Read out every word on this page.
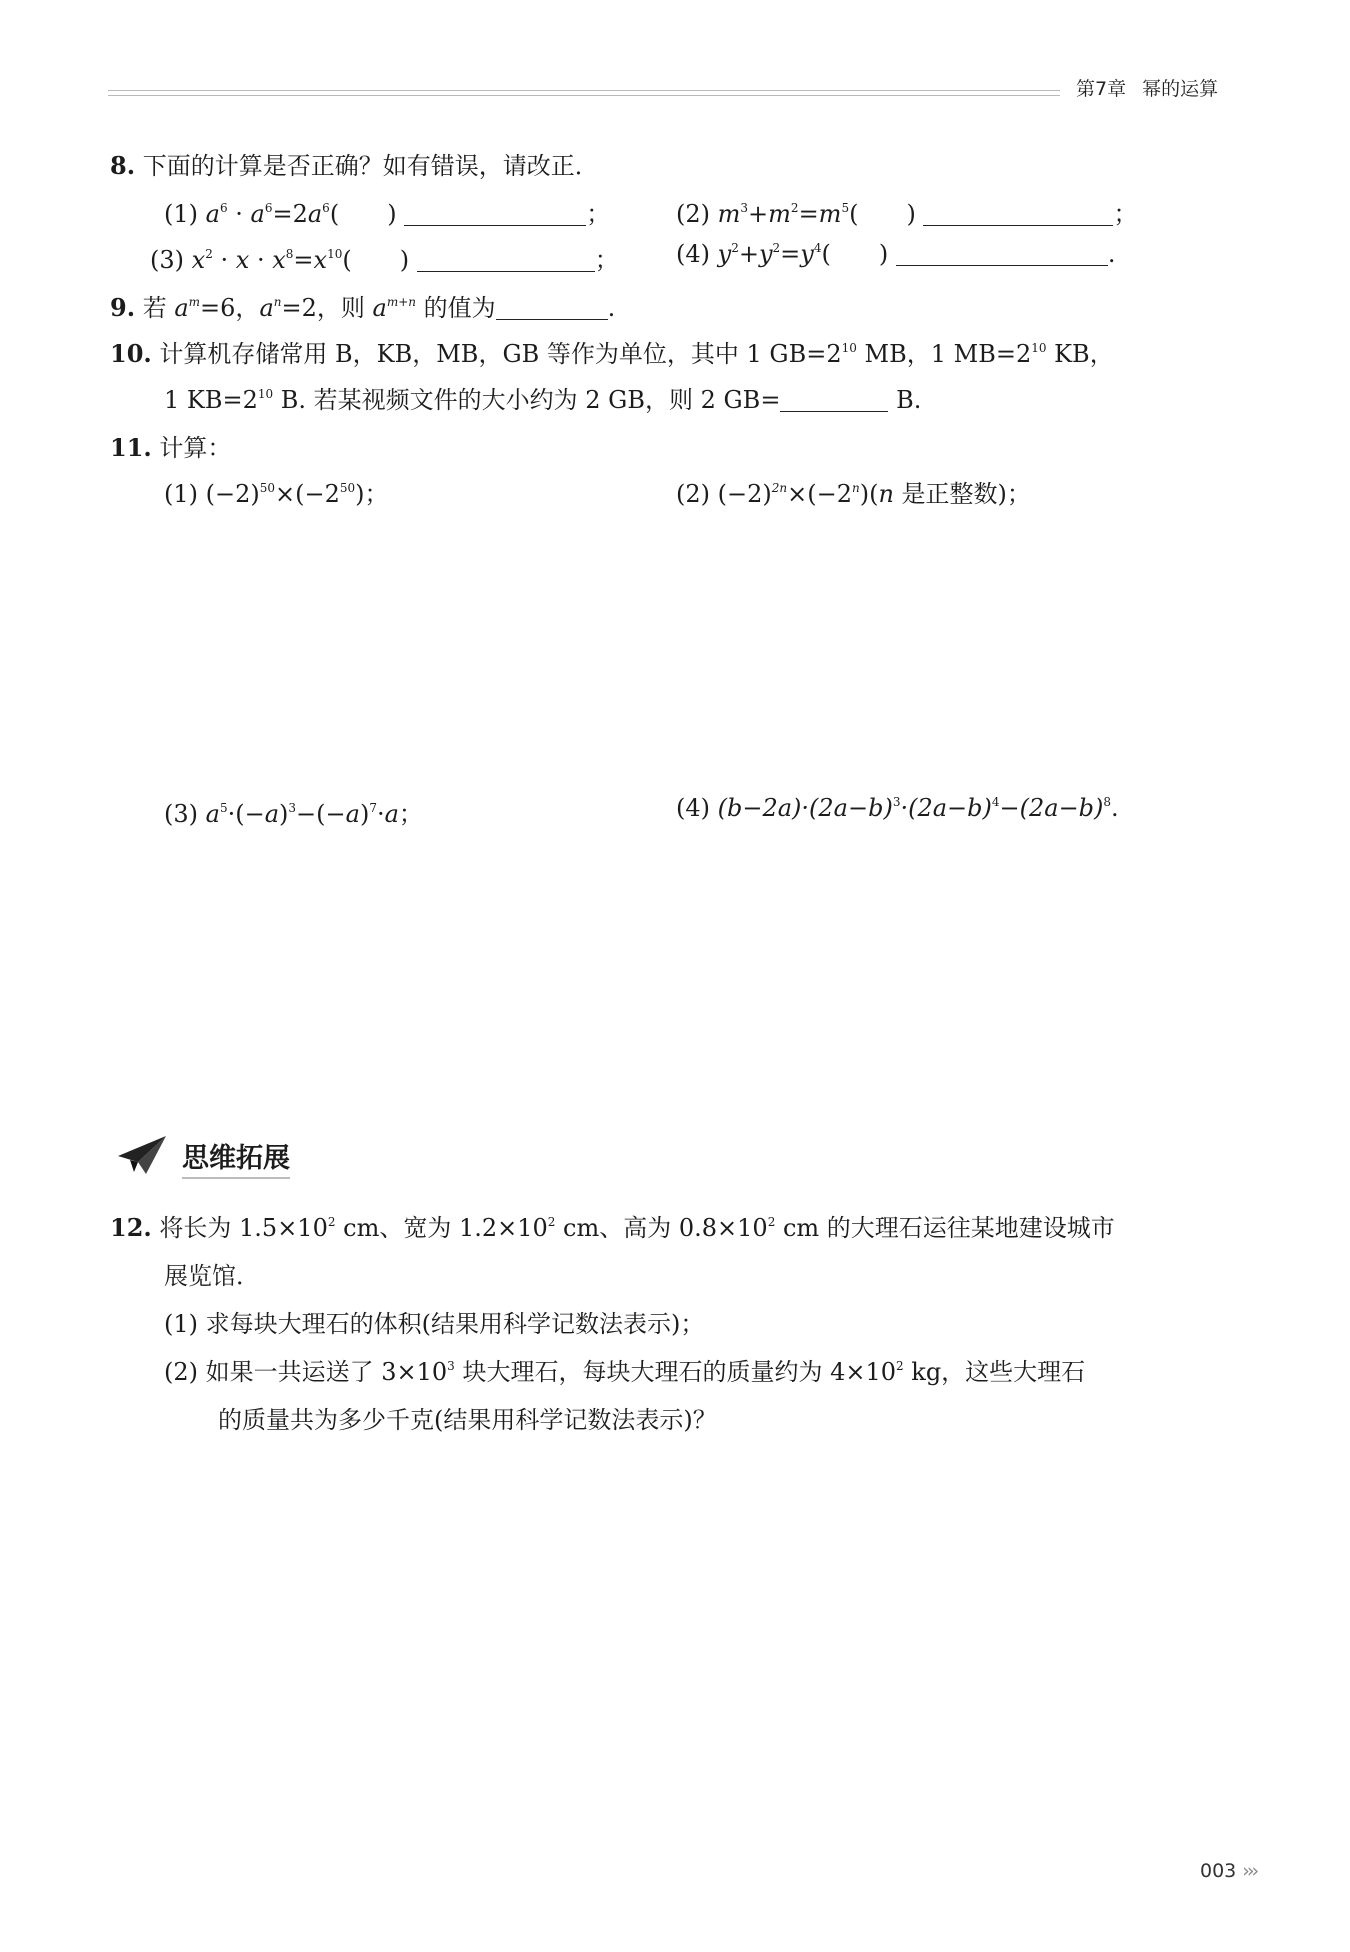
第7章 幂的运算
8. 下面的计算是否正确？如有错误，请改正．
(1) $a^6 \cdot a^6=2a^6$( )	；	(2) $m^3+m^2=m^5$( )	；
(3) $x^2 \cdot x \cdot x^8=x^{10}$( )	； (4) $y^2+y^2=y^4$( )	.
9. 若 $a^m=6$，$a^n=2$，则 $a^{m+n}$ 的值为	.
10. 计算机存储常用 B，KB，MB，GB 等作为单位，其中 1 $GB=2^{10}$ MB，1 $MB=2^{10}$ KB，
1 $KB=2^{10}$ B. 若某视频文件的大小约为 2 GB，则 2 GB=	B.
11. 计算：
(1) $(-2)^{50}\times(-2^{50})$；	(2) $(-2)^{2n}\times(-2^n)(n$ 是正整数)；
(3) $a^5\cdot(-a)^3-(-a)^7\cdot a$；	(4) $(b-2a)\cdot(2a-b)^3\cdot(2a-b)^4-(2a-b)^8$.
思维拓展
12. 将长为 $1.5\times 10^2$ cm、宽为 $1.2\times 10^2$ cm、高为 $0.8\times 10^2$ cm 的大理石运往某地建设城市
展览馆．
(1) 求每块大理石的体积(结果用科学记数法表示)；
(2) 如果一共运送了 $3\times 10^3$ 块大理石，每块大理石的质量约为 $4\times 10^2$ kg，这些大理石
的质量共为多少千克(结果用科学记数法表示)？
003 ›››
